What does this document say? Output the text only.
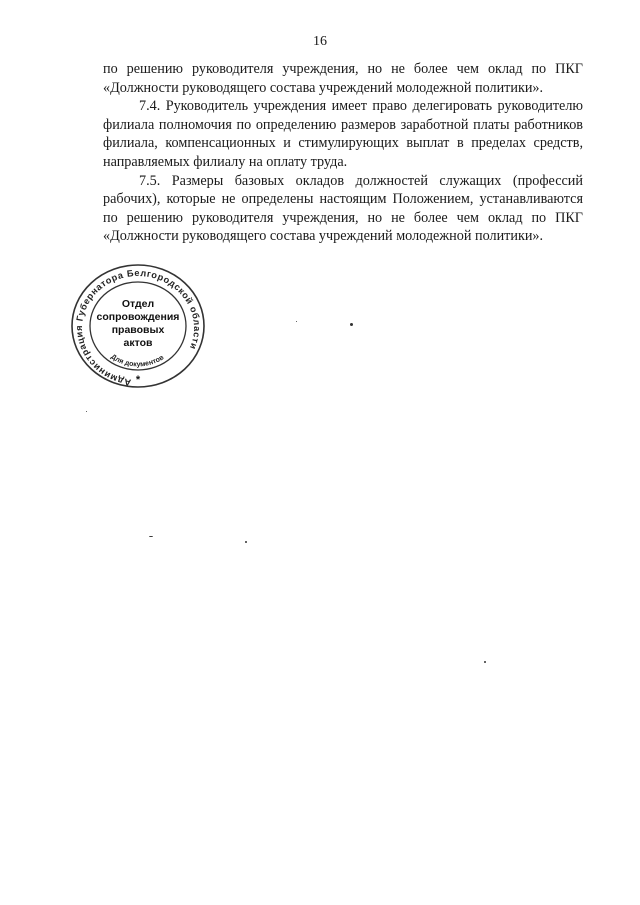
16

по решению руководителя учреждения, но не более чем оклад по ПКГ «Должности руководящего состава учреждений молодежной политики».

7.4. Руководитель учреждения имеет право делегировать руководителю филиала полномочия по определению размеров заработной платы работников филиала, компенсационных и стимулирующих выплат в пределах средств, направляемых филиалу на оплату труда.

7.5. Размеры базовых окладов должностей служащих (профессий рабочих), которые не определены настоящим Положением, устанавливаются по решению руководителя учреждения, но не более чем оклад по ПКГ «Должности руководящего состава учреждений молодежной политики».

Администрация Губернатора Белгородской области
Для документов
Отдел
сопровождения
правовых
актов
*
